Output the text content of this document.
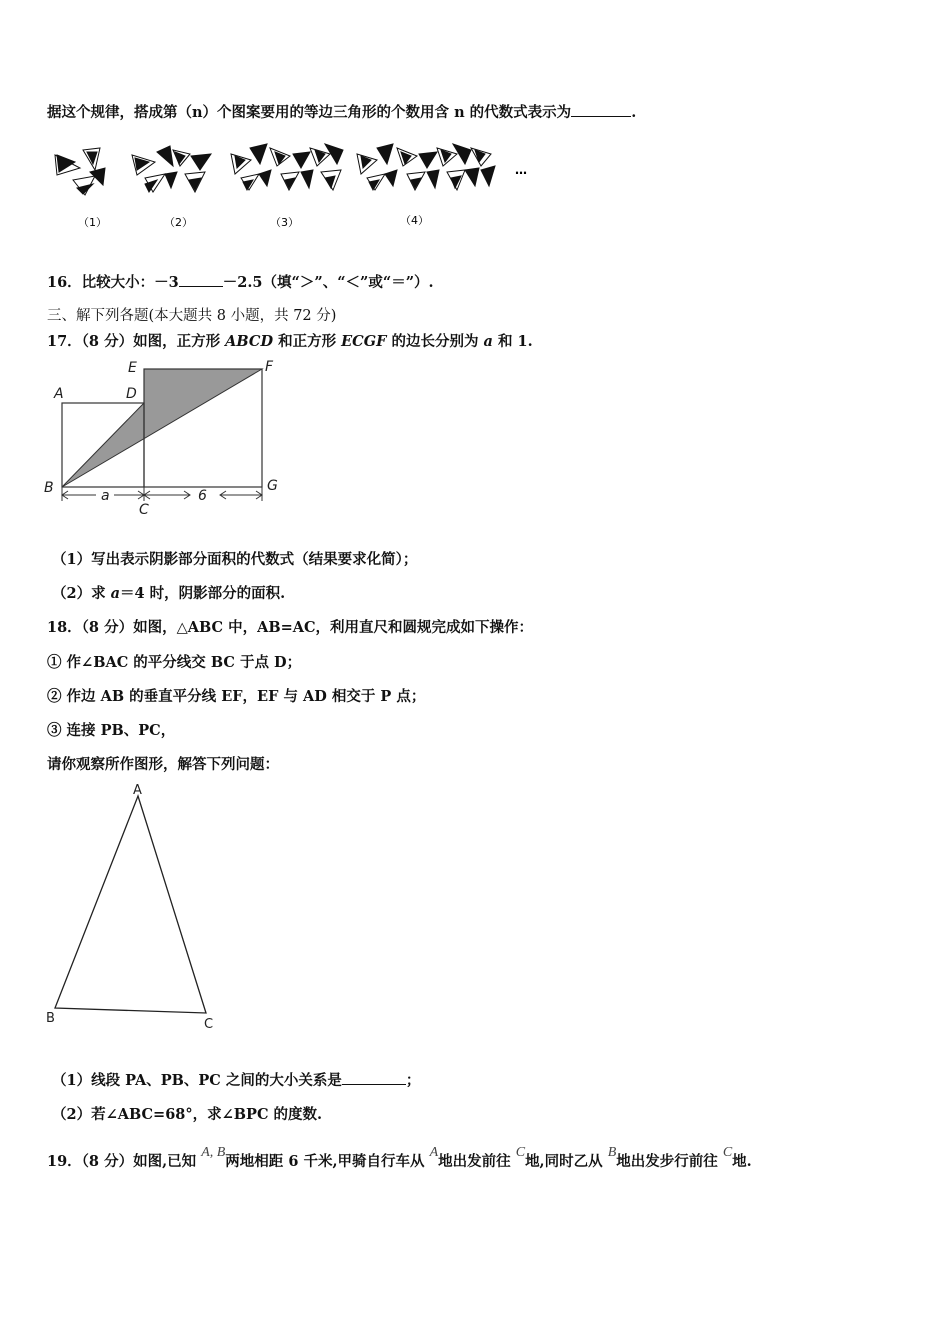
据这个规律，搭成第（n）个图案要用的等边三角形的个数用含 n 的代数式表示为	.
（1）	（2）	（3）	（4）
…
16．比较大小：－3	－2.5（填“＞”、“＜”或“＝”）.
三、解下列各题(本大题共 8 小题，共 72 分)
17．（8 分）如图，正方形 ABCD 和正方形 ECGF 的边长分别为 a 和 1.
A	D
E	F
B	G
C
a	6
（1）写出表示阴影部分面积的代数式（结果要求化简）；
（2）求 a＝4 时，阴影部分的面积.
18．（8 分）如图，△ABC 中，AB=AC，利用直尺和圆规完成如下操作：
① 作∠BAC 的平分线交 BC 于点 D；
② 作边 AB 的垂直平分线 EF，EF 与 AD 相交于 P 点；
③ 连接 PB、PC，
请你观察所作图形，解答下列问题：
A
B	C
（1）线段 PA、PB、PC 之间的大小关系是	；
（2）若∠ABC=68°，求∠BPC 的度数.
19．（8 分）如图,已知 A, B两地相距 6 千米,甲骑自行车从 A地出发前往 C地,同时乙从 B地出发步行前往 C地.
